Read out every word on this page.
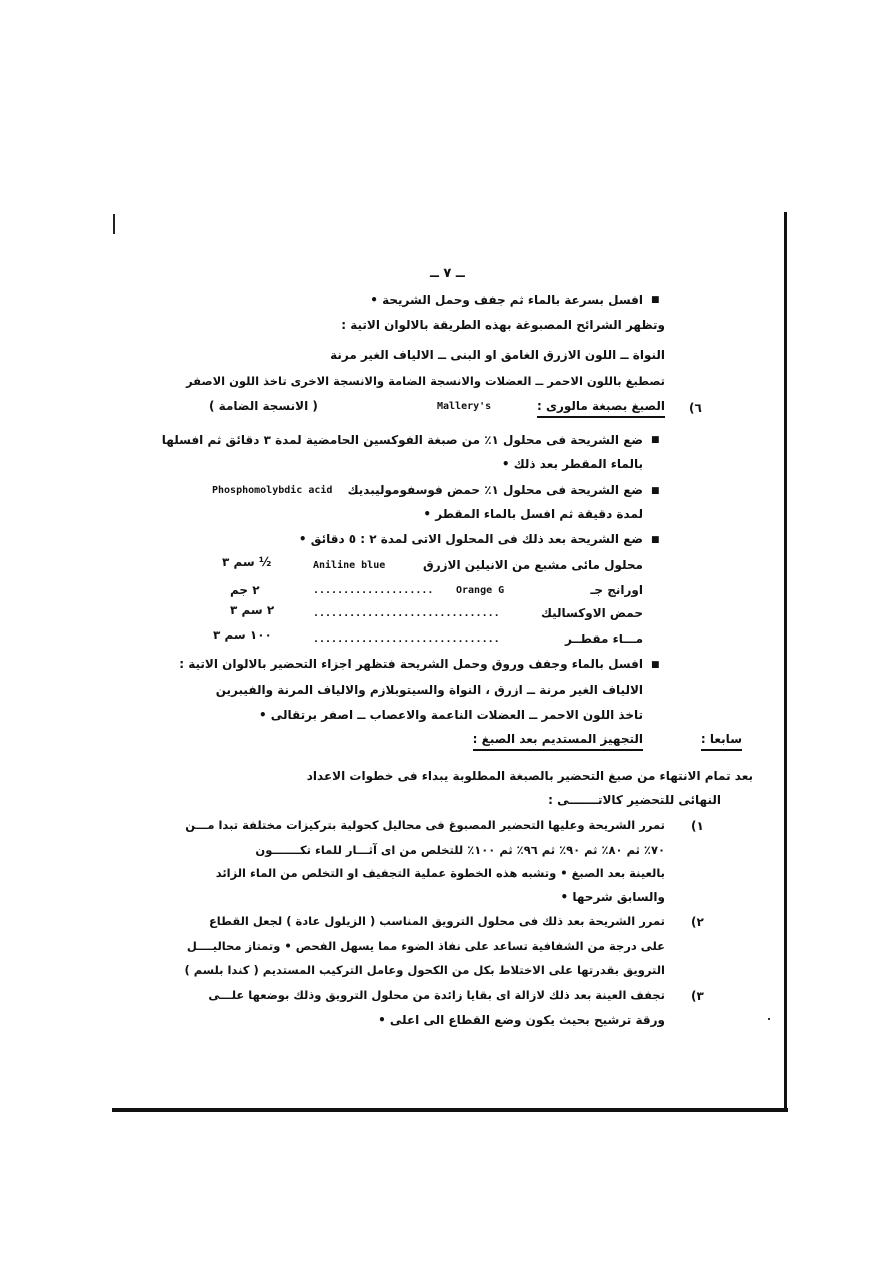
ــ ٧ ــ
■
افسل بسرعة بالماء ثم جفف وحمل الشريحة •
وتظهر الشرائح المصبوغة بهذه الطريقة بالالوان الاتية :
النواة ــ اللون الازرق الغامق او البنى ــ الالياف الغير مرنة
تصطبغ باللون الاحمر ــ العضلات والانسجة الضامة والانسجة الاخرى تاخذ اللون الاصفر
٦)
الصبغ بصبغة مالورى :
Mallery's
( الانسجة الضامة )
■
ضع الشريحة فى محلول ١٪ من صبغة الفوكسين الحامضية لمدة ٣ دقائق ثم افسلها
بالماء المقطر بعد ذلك •
■
ضع الشريحة فى محلول ١٪ حمض فوسفوموليبديك
Phosphomolybdic acid
لمدة دقيقة ثم افسل بالماء المقطر •
■
ضع الشريحة بعد ذلك فى المحلول الاتى لمدة ٢ : ٥ دقائق •
محلول مائى مشبع من الانيلين الازرق
Aniline blue
½ سم ٣
اورانج جـ
Orange G
....................
٢ جم
حمض الاوكساليك
...............................
٢ سم ٣
مـــاء مقطــر
...............................
١٠٠ سم ٣
■
افسل بالماء وجفف وروق وحمل الشريحة فتظهر اجزاء التحضير بالالوان الاتية :
الالياف الغير مرنة ــ ازرق ، النواة والسيتوبلازم والالياف المرنة والفيبرين
تاخذ اللون الاحمر ــ العضلات الناعمة والاعصاب ــ اصفر برتقالى •
سابعا :
التجهيز المستديم بعد الصبغ :
بعد تمام الانتهاء من صبغ التحضير بالصبغة المطلوبة يبداء فى خطوات الاعداد
النهائى للتحضير كالاتـــــــى :
١)
تمرر الشريحة وعليها التحضير المصبوغ فى محاليل كحولية بتركيزات مختلفة تبدا مـــن
٧٠٪ ثم ٨٠٪ ثم ٩٠٪ ثم ٩٦٪ ثم ١٠٠٪ للتخلص من اى آثـــار للماء تكـــــــون
بالعينة بعد الصبغ • وتشبه هذه الخطوة عملية التجفيف او التخلص من الماء الزائد
والسابق شرحها •
٢)
تمرر الشريحة بعد ذلك فى محلول الترويق المناسب ( الزيلول عادة ) لجعل القطاع
على درجة من الشفافية تساعد على نفاذ الضوء مما يسهل الفحص • وتمتاز محاليــــل
الترويق بقدرتها على الاختلاط بكل من الكحول وعامل التركيب المستديم ( كندا بلسم )
٣)
تجفف العينة بعد ذلك لازالة اى بقايا زائدة من محلول الترويق وذلك بوضعها علـــى
ورقة ترشيح بحيث يكون وضع القطاع الى اعلى •
